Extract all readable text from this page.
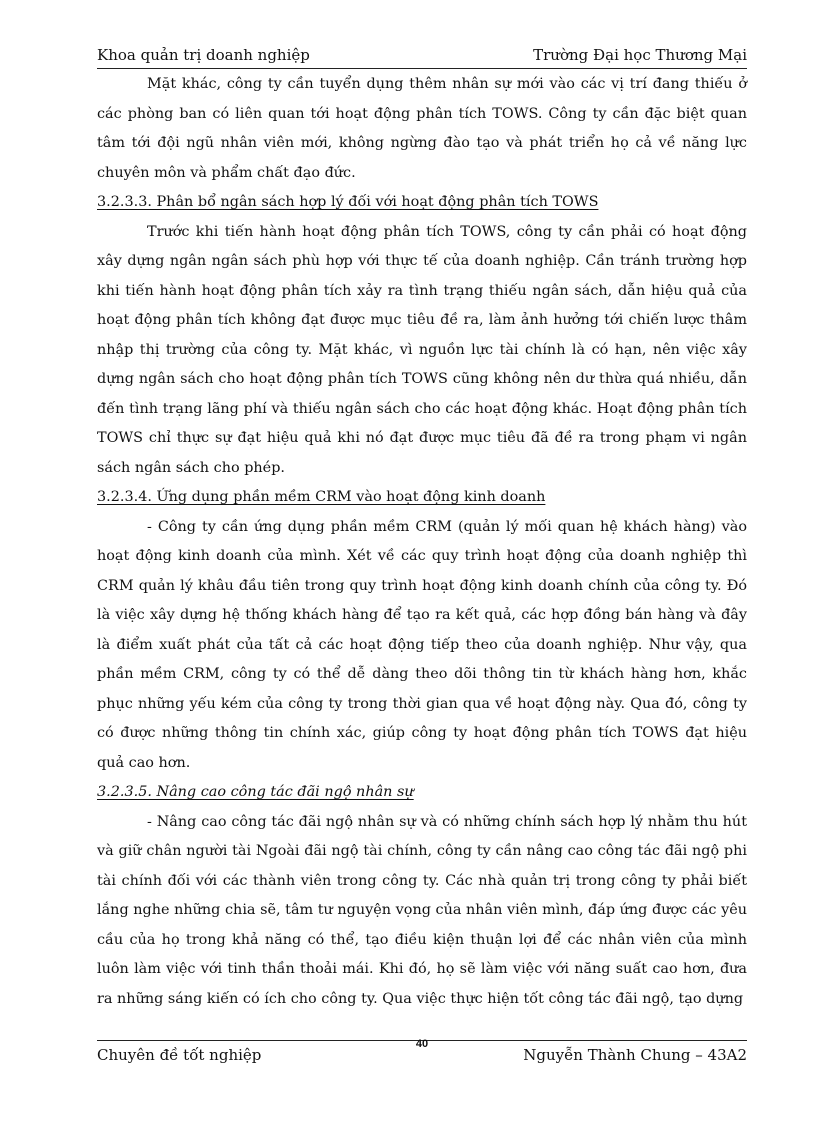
Khoa quản trị doanh nghiệp	Trường Đại học Thương Mại

Mặt khác, công ty cần tuyển dụng thêm nhân sự mới vào các vị trí đang thiếu ở các phòng ban có liên quan tới hoạt động phân tích TOWS. Công ty cần đặc biệt quan tâm tới đội ngũ nhân viên mới, không ngừng đào tạo và phát triển họ cả về năng lực chuyên môn và phẩm chất đạo đức.

3.2.3.3. Phân bổ ngân sách hợp lý đối với hoạt động phân tích TOWS

Trước khi tiến hành hoạt động phân tích TOWS, công ty cần phải có hoạt động xây dựng ngân ngân sách phù hợp với thực tế của doanh nghiệp. Cần tránh trường hợp khi tiến hành hoạt động phân tích xảy ra tình trạng thiếu ngân sách, dẫn hiệu quả của hoạt động phân tích không đạt được mục tiêu đề ra, làm ảnh hưởng tới chiến lược thâm nhập thị trường của công ty. Mặt khác, vì nguồn lực tài chính là có hạn, nên việc xây dựng ngân sách cho hoạt động phân tích TOWS cũng không nên dư thừa quá nhiều, dẫn đến tình trạng lãng phí và thiếu ngân sách cho các hoạt động khác. Hoạt động phân tích TOWS chỉ thực sự đạt hiệu quả khi nó đạt được mục tiêu đã đề ra trong phạm vi ngân sách ngân sách cho phép.

3.2.3.4. Ứng dụng phần mềm CRM vào hoạt động kinh doanh

- Công ty cần ứng dụng phần mềm CRM (quản lý mối quan hệ khách hàng) vào hoạt động kinh doanh của mình. Xét về các quy trình hoạt động của doanh nghiệp thì CRM quản lý khâu đầu tiên trong quy trình hoạt động kinh doanh chính của công ty. Đó là việc xây dựng hệ thống khách hàng để tạo ra kết quả, các hợp đồng bán hàng và đây là điểm xuất phát của tất cả các hoạt động tiếp theo của doanh nghiệp. Như vậy, qua phần mềm CRM, công ty có thể dễ dàng theo dõi thông tin từ khách hàng hơn, khắc phục những yếu kém của công ty trong thời gian qua về hoạt động này. Qua đó, công ty có được những thông tin chính xác, giúp công ty hoạt động phân tích TOWS đạt hiệu quả cao hơn.

3.2.3.5. Nâng cao công tác đãi ngộ nhân sự

- Nâng cao công tác đãi ngộ nhân sự và có những chính sách hợp lý nhằm thu hút và giữ chân người tài Ngoài đãi ngộ tài chính, công ty cần nâng cao công tác đãi ngộ phi tài chính đối với các thành viên trong công ty. Các nhà quản trị trong công ty phải biết lắng nghe những chia sẽ, tâm tư nguyện vọng của nhân viên mình, đáp ứng được các yêu cầu của họ trong khả năng có thể, tạo điều kiện thuận lợi để các nhân viên của mình luôn làm việc với tinh thần thoải mái. Khi đó, họ sẽ làm việc với năng suất cao hơn, đưa ra những sáng kiến có ích cho công ty. Qua việc thực hiện tốt công tác đãi ngộ, tạo dựng

Chuyên đề tốt nghiệp
40
Nguyễn Thành Chung – 43A2
